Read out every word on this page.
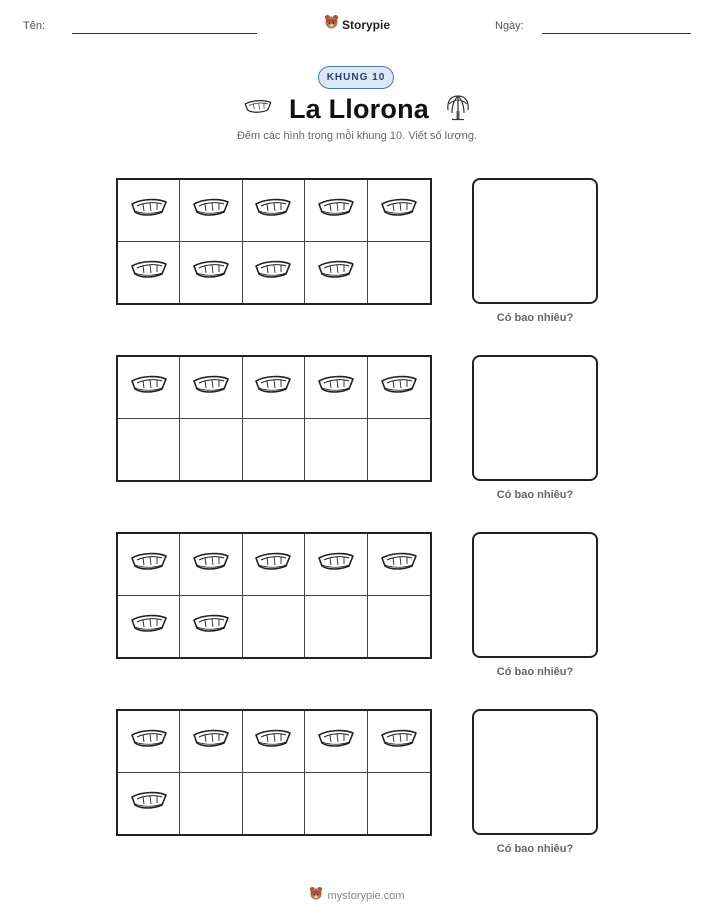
Tên:	Storypie	Ngày:
KHUNG 10
La Llorona
Đếm các hình trong mỗi khung 10. Viết số lượng.
Có bao nhiêu?
Có bao nhiêu?
Có bao nhiêu?
Có bao nhiêu?
mystorypie.com
